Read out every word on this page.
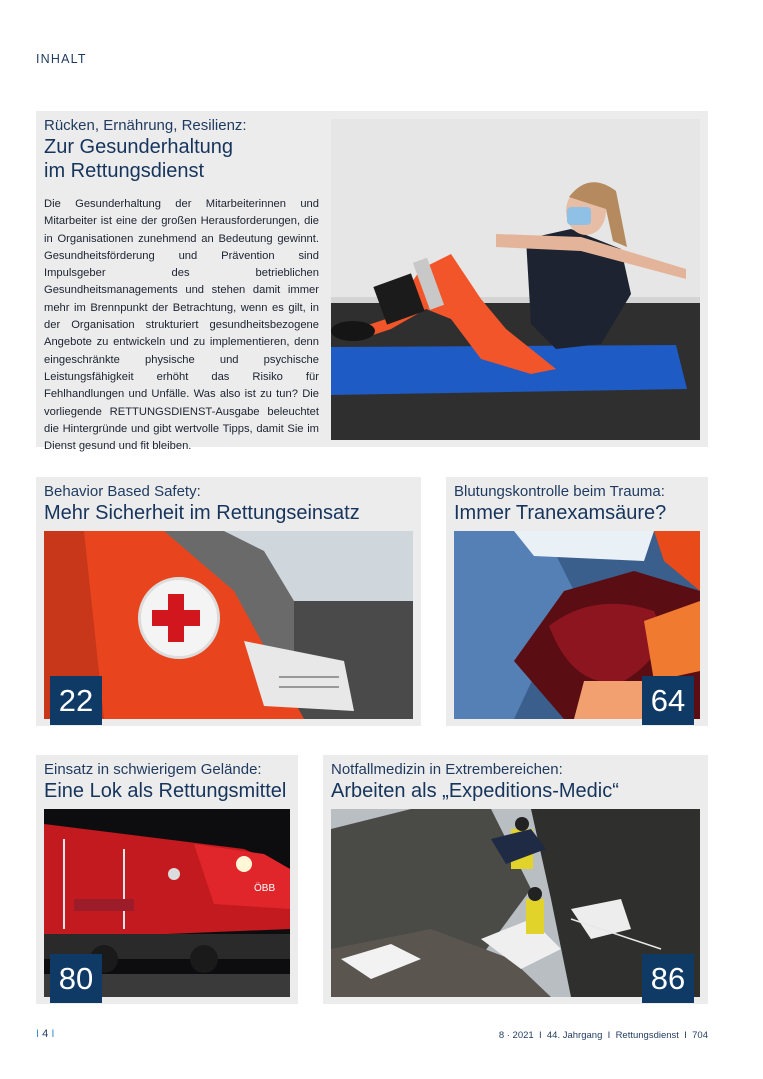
INHALT
Rücken, Ernährung, Resilienz:
Zur Gesunderhaltung
im Rettungsdienst
Die Gesunderhaltung der Mitarbeiterinnen und Mitarbeiter ist eine der großen Herausforderungen, die in Organisationen zunehmend an Bedeutung gewinnt. Gesundheitsförderung und Prävention sind Impulsgeber des betrieblichen Gesundheitsmanagements und stehen damit immer mehr im Brennpunkt der Betrachtung, wenn es gilt, in der Organisation strukturiert gesundheitsbezogene Angebote zu entwickeln und zu implementieren, denn eingeschränkte physische und psychische Leistungsfähigkeit erhöht das Risiko für Fehlhandlungen und Unfälle. Was also ist zu tun? Die vorliegende RETTUNGSDIENST-Ausgabe beleuchtet die Hintergründe und gibt wertvolle Tipps, damit Sie im Dienst gesund und fit bleiben.
Behavior Based Safety:
Mehr Sicherheit im Rettungseinsatz
22
Blutungskontrolle beim Trauma:
Immer Tranexamsäure?
64
Einsatz in schwierigem Gelände:
Eine Lok als Rettungsmittel
ÖBB
80
Notfallmedizin in Extrembereichen:
Arbeiten als „Expeditions-Medic“
86
I 4 I	8 · 2021  I  44. Jahrgang  I  Rettungsdienst  I  704
